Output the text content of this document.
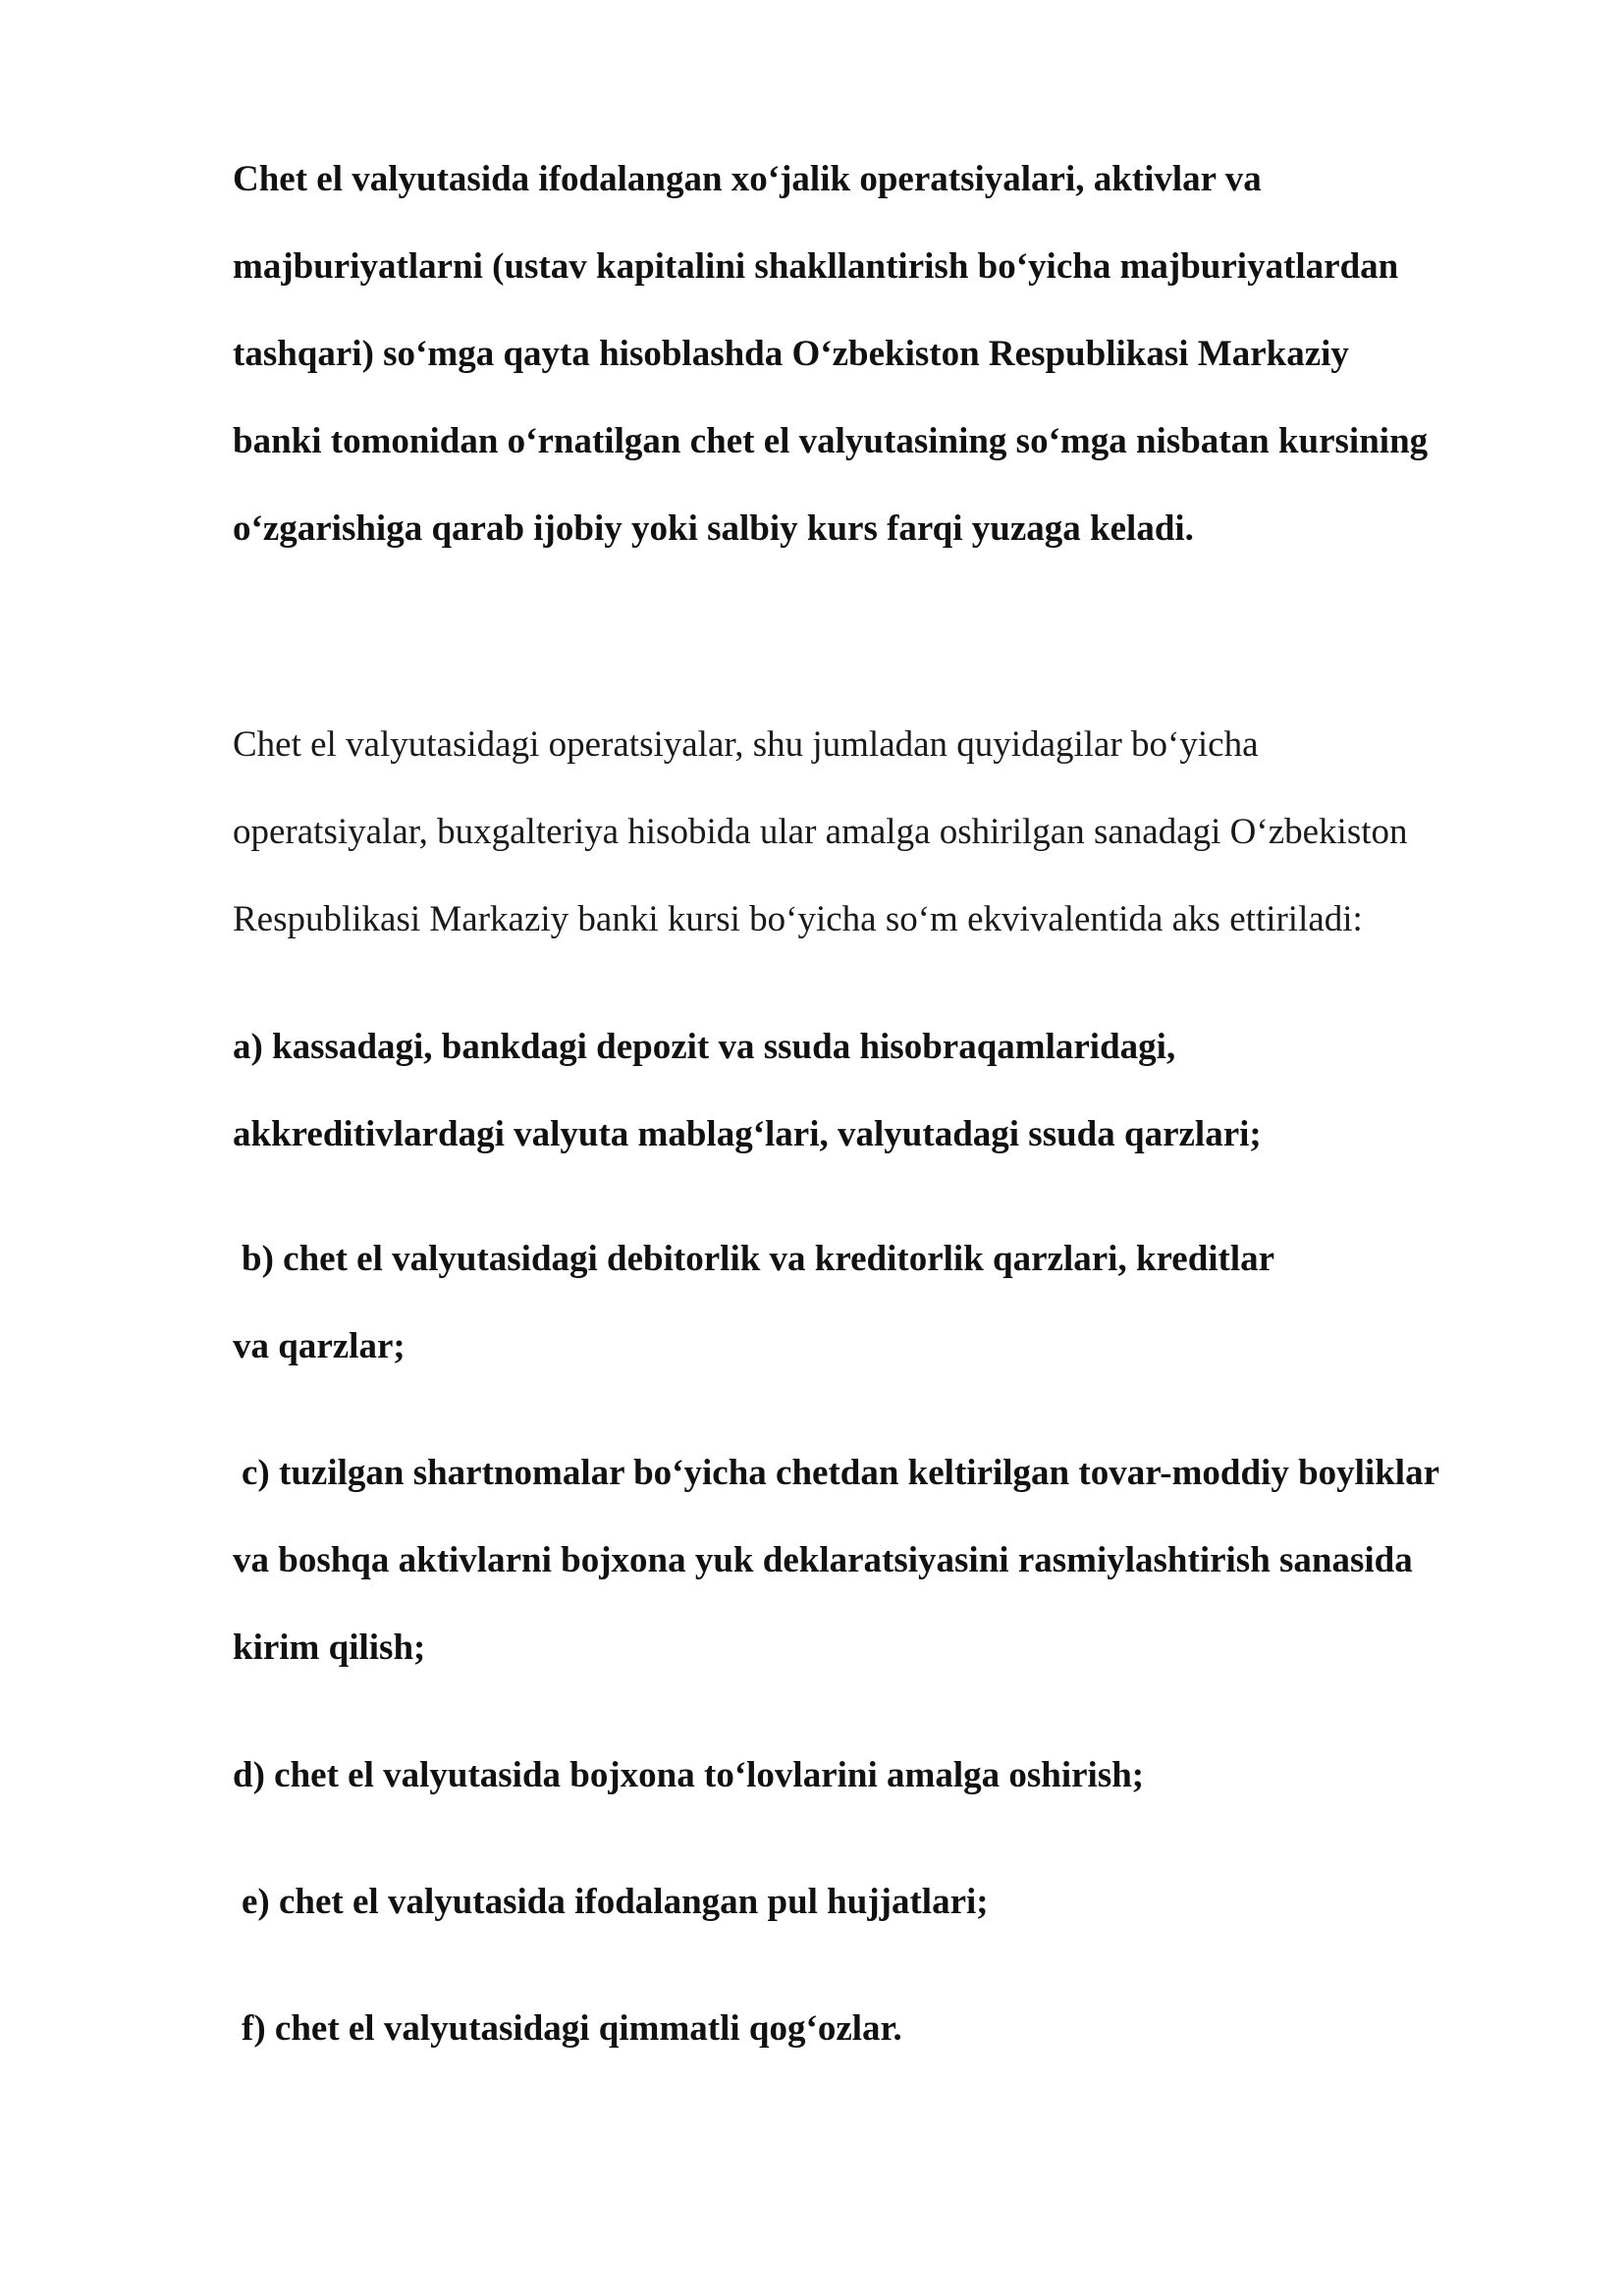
Chet el valyutasida ifodalangan xo‘jalik operatsiyalari, aktivlar va
majburiyatlarni (ustav kapitalini shakllantirish bo‘yicha majburiyatlardan
tashqari) so‘mga qayta hisoblashda O‘zbekiston Respublikasi Markaziy
banki tomonidan o‘rnatilgan chet el valyutasining so‘mga nisbatan kursining
o‘zgarishiga qarab ijobiy yoki salbiy kurs farqi yuzaga keladi.
Chet el valyutasidagi operatsiyalar, shu jumladan quyidagilar bo‘yicha
operatsiyalar, buxgalteriya hisobida ular amalga oshirilgan sanadagi O‘zbekiston
Respublikasi Markaziy banki kursi bo‘yicha so‘m ekvivalentida aks ettiriladi:
a) kassadagi, bankdagi depozit va ssuda hisobraqamlaridagi,
akkreditivlardagi valyuta mablag‘lari, valyutadagi ssuda qarzlari;
b) chet el valyutasidagi debitorlik va kreditorlik qarzlari, kreditlar
va qarzlar;
c) tuzilgan shartnomalar bo‘yicha chetdan keltirilgan tovar-moddiy boyliklar
va boshqa aktivlarni bojxona yuk deklaratsiyasini rasmiylashtirish sanasida
kirim qilish;
d) chet el valyutasida bojxona to‘lovlarini amalga oshirish;
e) chet el valyutasida ifodalangan pul hujjatlari;
f) chet el valyutasidagi qimmatli qog‘ozlar.
